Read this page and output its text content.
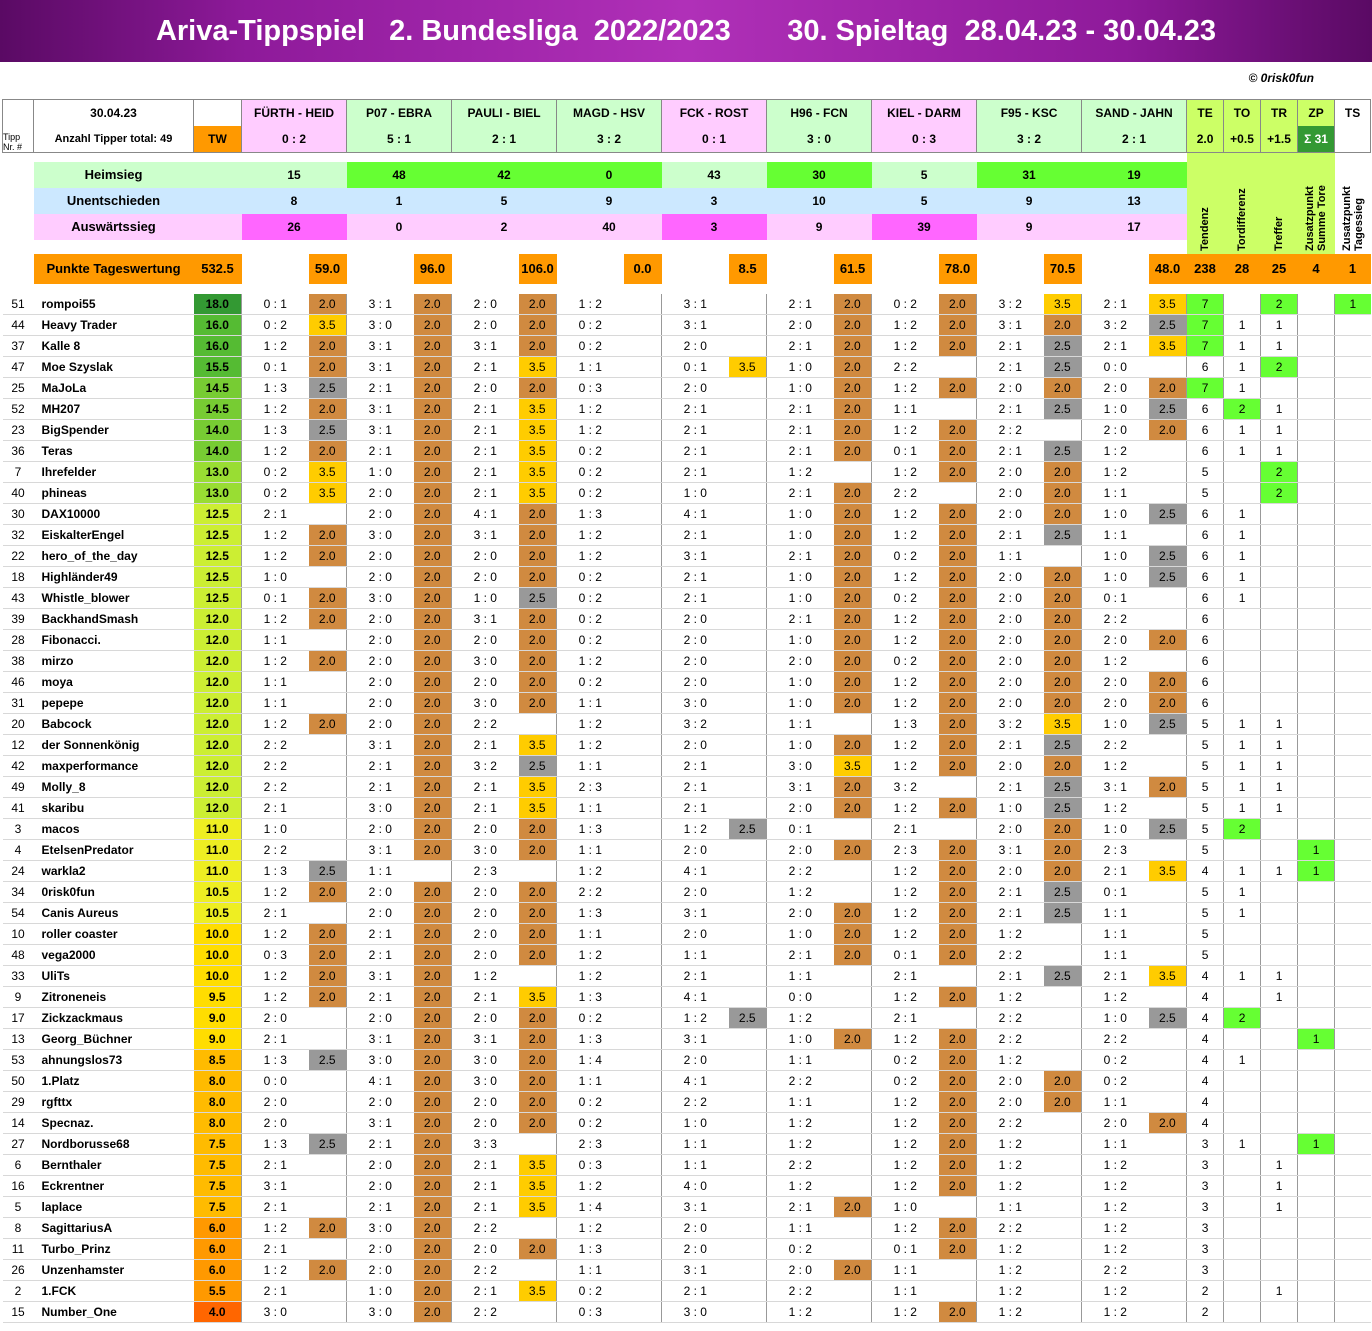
Ariva-Tippspiel   2. Bundesliga  2022/2023       30. Spieltag  28.04.23 - 30.04.23
© 0risk0fun
Tipp Nr. #	30.04.23		FÜRTH - HEID		P07 - EBRA		PAULI - BIEL		MAGD - HSV		FCK - ROST		H96 - FCN		KIEL - DARM		F95 - KSC		SAND - JAHN		TE	TO	TR	ZP	TS
	Anzahl Tipper total: 49	TW	0 : 2		5 : 1		2 : 1		3 : 2		0 : 1		3 : 0		0 : 3		3 : 2		2 : 1		2.0	+0.5	+1.5	Σ 31	

	Heimsieg		15		48		42		0		43		30		5		31		19		Tendenz	Tordifferenz	Treffer	Zusatzpunkt Summe Tore	Zusatzpunkt Tagessieg
	Unentschieden		8		1		5		9		3		10		5		9		13						
	Auswärtssieg		26		0		2		40		3		9		39		9		17						

	Punkte Tageswertung	532.5		59.0		96.0		106.0		0.0		8.5		61.5		78.0		70.5		48.0	238	28	25	4	1

51	rompoi55	18.0	0 : 1	2.0	3 : 1	2.0	2 : 0	2.0	1 : 2		3 : 1		2 : 1	2.0	0 : 2	2.0	3 : 2	3.5	2 : 1	3.5	7		2		1
44	Heavy Trader	16.0	0 : 2	3.5	3 : 0	2.0	2 : 0	2.0	0 : 2		3 : 1		2 : 0	2.0	1 : 2	2.0	3 : 1	2.0	3 : 2	2.5	7	1	1		
37	Kalle 8	16.0	1 : 2	2.0	3 : 1	2.0	3 : 1	2.0	0 : 2		2 : 0		2 : 1	2.0	1 : 2	2.0	2 : 1	2.5	2 : 1	3.5	7	1	1		
47	Moe Szyslak	15.5	0 : 1	2.0	3 : 1	2.0	2 : 1	3.5	1 : 1		0 : 1	3.5	1 : 0	2.0	2 : 2		2 : 1	2.5	0 : 0		6	1	2		
25	MaJoLa	14.5	1 : 3	2.5	2 : 1	2.0	2 : 0	2.0	0 : 3		2 : 0		1 : 0	2.0	1 : 2	2.0	2 : 0	2.0	2 : 0	2.0	7	1			
52	MH207	14.5	1 : 2	2.0	3 : 1	2.0	2 : 1	3.5	1 : 2		2 : 1		2 : 1	2.0	1 : 1		2 : 1	2.5	1 : 0	2.5	6	2	1		
23	BigSpender	14.0	1 : 3	2.5	3 : 1	2.0	2 : 1	3.5	1 : 2		2 : 1		2 : 1	2.0	1 : 2	2.0	2 : 2		2 : 0	2.0	6	1	1		
36	Teras	14.0	1 : 2	2.0	2 : 1	2.0	2 : 1	3.5	0 : 2		2 : 1		2 : 1	2.0	0 : 1	2.0	2 : 1	2.5	1 : 2		6	1	1		
7	Ihrefelder	13.0	0 : 2	3.5	1 : 0	2.0	2 : 1	3.5	0 : 2		2 : 1		1 : 2		1 : 2	2.0	2 : 0	2.0	1 : 2		5		2		
40	phineas	13.0	0 : 2	3.5	2 : 0	2.0	2 : 1	3.5	0 : 2		1 : 0		2 : 1	2.0	2 : 2		2 : 0	2.0	1 : 1		5		2		
30	DAX10000	12.5	2 : 1		2 : 0	2.0	4 : 1	2.0	1 : 3		4 : 1		1 : 0	2.0	1 : 2	2.0	2 : 0	2.0	1 : 0	2.5	6	1			
32	EiskalterEngel	12.5	1 : 2	2.0	3 : 0	2.0	3 : 1	2.0	1 : 2		2 : 1		1 : 0	2.0	1 : 2	2.0	2 : 1	2.5	1 : 1		6	1			
22	hero_of_the_day	12.5	1 : 2	2.0	2 : 0	2.0	2 : 0	2.0	1 : 2		3 : 1		2 : 1	2.0	0 : 2	2.0	1 : 1		1 : 0	2.5	6	1			
18	Highländer49	12.5	1 : 0		2 : 0	2.0	2 : 0	2.0	0 : 2		2 : 1		1 : 0	2.0	1 : 2	2.0	2 : 0	2.0	1 : 0	2.5	6	1			
43	Whistle_blower	12.5	0 : 1	2.0	3 : 0	2.0	1 : 0	2.5	0 : 2		2 : 1		1 : 0	2.0	0 : 2	2.0	2 : 0	2.0	0 : 1		6	1			
39	BackhandSmash	12.0	1 : 2	2.0	2 : 0	2.0	3 : 1	2.0	0 : 2		2 : 0		2 : 1	2.0	1 : 2	2.0	2 : 0	2.0	2 : 2		6				
28	Fibonacci.	12.0	1 : 1		2 : 0	2.0	2 : 0	2.0	0 : 2		2 : 0		1 : 0	2.0	1 : 2	2.0	2 : 0	2.0	2 : 0	2.0	6				
38	mirzo	12.0	1 : 2	2.0	2 : 0	2.0	3 : 0	2.0	1 : 2		2 : 0		2 : 0	2.0	0 : 2	2.0	2 : 0	2.0	1 : 2		6				
46	moya	12.0	1 : 1		2 : 0	2.0	2 : 0	2.0	0 : 2		2 : 0		1 : 0	2.0	1 : 2	2.0	2 : 0	2.0	2 : 0	2.0	6				
31	pepepe	12.0	1 : 1		2 : 0	2.0	3 : 0	2.0	1 : 1		3 : 0		1 : 0	2.0	1 : 2	2.0	2 : 0	2.0	2 : 0	2.0	6				
20	Babcock	12.0	1 : 2	2.0	2 : 0	2.0	2 : 2		1 : 2		3 : 2		1 : 1		1 : 3	2.0	3 : 2	3.5	1 : 0	2.5	5	1	1		
12	der Sonnenkönig	12.0	2 : 2		3 : 1	2.0	2 : 1	3.5	1 : 2		2 : 0		1 : 0	2.0	1 : 2	2.0	2 : 1	2.5	2 : 2		5	1	1		
42	maxperformance	12.0	2 : 2		2 : 1	2.0	3 : 2	2.5	1 : 1		2 : 1		3 : 0	3.5	1 : 2	2.0	2 : 0	2.0	1 : 2		5	1	1		
49	Molly_8	12.0	2 : 2		2 : 1	2.0	2 : 1	3.5	2 : 3		2 : 1		3 : 1	2.0	3 : 2		2 : 1	2.5	3 : 1	2.0	5	1	1		
41	skaribu	12.0	2 : 1		3 : 0	2.0	2 : 1	3.5	1 : 1		2 : 1		2 : 0	2.0	1 : 2	2.0	1 : 0	2.5	1 : 2		5	1	1		
3	macos	11.0	1 : 0		2 : 0	2.0	2 : 0	2.0	1 : 3		1 : 2	2.5	0 : 1		2 : 1		2 : 0	2.0	1 : 0	2.5	5	2			
4	EtelsenPredator	11.0	2 : 2		3 : 1	2.0	3 : 0	2.0	1 : 1		2 : 0		2 : 0	2.0	2 : 3	2.0	3 : 1	2.0	2 : 3		5			1	
24	warkla2	11.0	1 : 3	2.5	1 : 1		2 : 3		1 : 2		4 : 1		2 : 2		1 : 2	2.0	2 : 0	2.0	2 : 1	3.5	4	1	1	1	
34	0risk0fun	10.5	1 : 2	2.0	2 : 0	2.0	2 : 0	2.0	2 : 2		2 : 0		1 : 2		1 : 2	2.0	2 : 1	2.5	0 : 1		5	1			
54	Canis Aureus	10.5	2 : 1		2 : 0	2.0	2 : 0	2.0	1 : 3		3 : 1		2 : 0	2.0	1 : 2	2.0	2 : 1	2.5	1 : 1		5	1			
10	roller coaster	10.0	1 : 2	2.0	2 : 1	2.0	2 : 0	2.0	1 : 1		2 : 0		1 : 0	2.0	1 : 2	2.0	1 : 2		1 : 1		5				
48	vega2000	10.0	0 : 3	2.0	2 : 1	2.0	2 : 0	2.0	1 : 2		1 : 1		2 : 1	2.0	0 : 1	2.0	2 : 2		1 : 1		5				
33	UliTs	10.0	1 : 2	2.0	3 : 1	2.0	1 : 2		1 : 2		2 : 1		1 : 1		2 : 1		2 : 1	2.5	2 : 1	3.5	4	1	1		
9	Zitroneneis	9.5	1 : 2	2.0	2 : 1	2.0	2 : 1	3.5	1 : 3		4 : 1		0 : 0		1 : 2	2.0	1 : 2		1 : 2		4		1		
17	Zickzackmaus	9.0	2 : 0		2 : 0	2.0	2 : 0	2.0	0 : 2		1 : 2	2.5	1 : 2		2 : 1		2 : 2		1 : 0	2.5	4	2			
13	Georg_Büchner	9.0	2 : 1		3 : 1	2.0	3 : 1	2.0	1 : 3		3 : 1		1 : 0	2.0	1 : 2	2.0	2 : 2		2 : 2		4			1	
53	ahnungslos73	8.5	1 : 3	2.5	3 : 0	2.0	3 : 0	2.0	1 : 4		2 : 0		1 : 1		0 : 2	2.0	1 : 2		0 : 2		4	1			
50	1.Platz	8.0	0 : 0		4 : 1	2.0	3 : 0	2.0	1 : 1		4 : 1		2 : 2		0 : 2	2.0	2 : 0	2.0	0 : 2		4				
29	rgfttx	8.0	2 : 0		2 : 0	2.0	2 : 0	2.0	0 : 2		2 : 2		1 : 1		1 : 2	2.0	2 : 0	2.0	1 : 1		4				
14	Specnaz.	8.0	2 : 0		3 : 1	2.0	2 : 0	2.0	0 : 2		1 : 0		1 : 2		1 : 2	2.0	2 : 2		2 : 0	2.0	4				
27	Nordborusse68	7.5	1 : 3	2.5	2 : 1	2.0	3 : 3		2 : 3		1 : 1		1 : 2		1 : 2	2.0	1 : 2		1 : 1		3	1		1	
6	Bernthaler	7.5	2 : 1		2 : 0	2.0	2 : 1	3.5	0 : 3		1 : 1		2 : 2		1 : 2	2.0	1 : 2		1 : 2		3		1		
16	Eckrentner	7.5	3 : 1		2 : 0	2.0	2 : 1	3.5	1 : 2		4 : 0		1 : 2		1 : 2	2.0	1 : 2		1 : 2		3		1		
5	laplace	7.5	2 : 1		2 : 1	2.0	2 : 1	3.5	1 : 4		3 : 1		2 : 1	2.0	1 : 0		1 : 1		1 : 2		3		1		
8	SagittariusA	6.0	1 : 2	2.0	3 : 0	2.0	2 : 2		1 : 2		2 : 0		1 : 1		1 : 2	2.0	2 : 2		1 : 2		3				
11	Turbo_Prinz	6.0	2 : 1		2 : 0	2.0	2 : 0	2.0	1 : 3		2 : 0		0 : 2		0 : 1	2.0	1 : 2		1 : 2		3				
26	Unzenhamster	6.0	1 : 2	2.0	2 : 0	2.0	2 : 2		1 : 1		3 : 1		2 : 0	2.0	1 : 1		1 : 2		2 : 2		3				
2	1.FCK	5.5	2 : 1		1 : 0	2.0	2 : 1	3.5	0 : 2		2 : 1		2 : 2		1 : 1		1 : 2		1 : 2		2		1		
15	Number_One	4.0	3 : 0		3 : 0	2.0	2 : 2		0 : 3		3 : 0		1 : 2		1 : 2	2.0	1 : 2		1 : 2		2				
